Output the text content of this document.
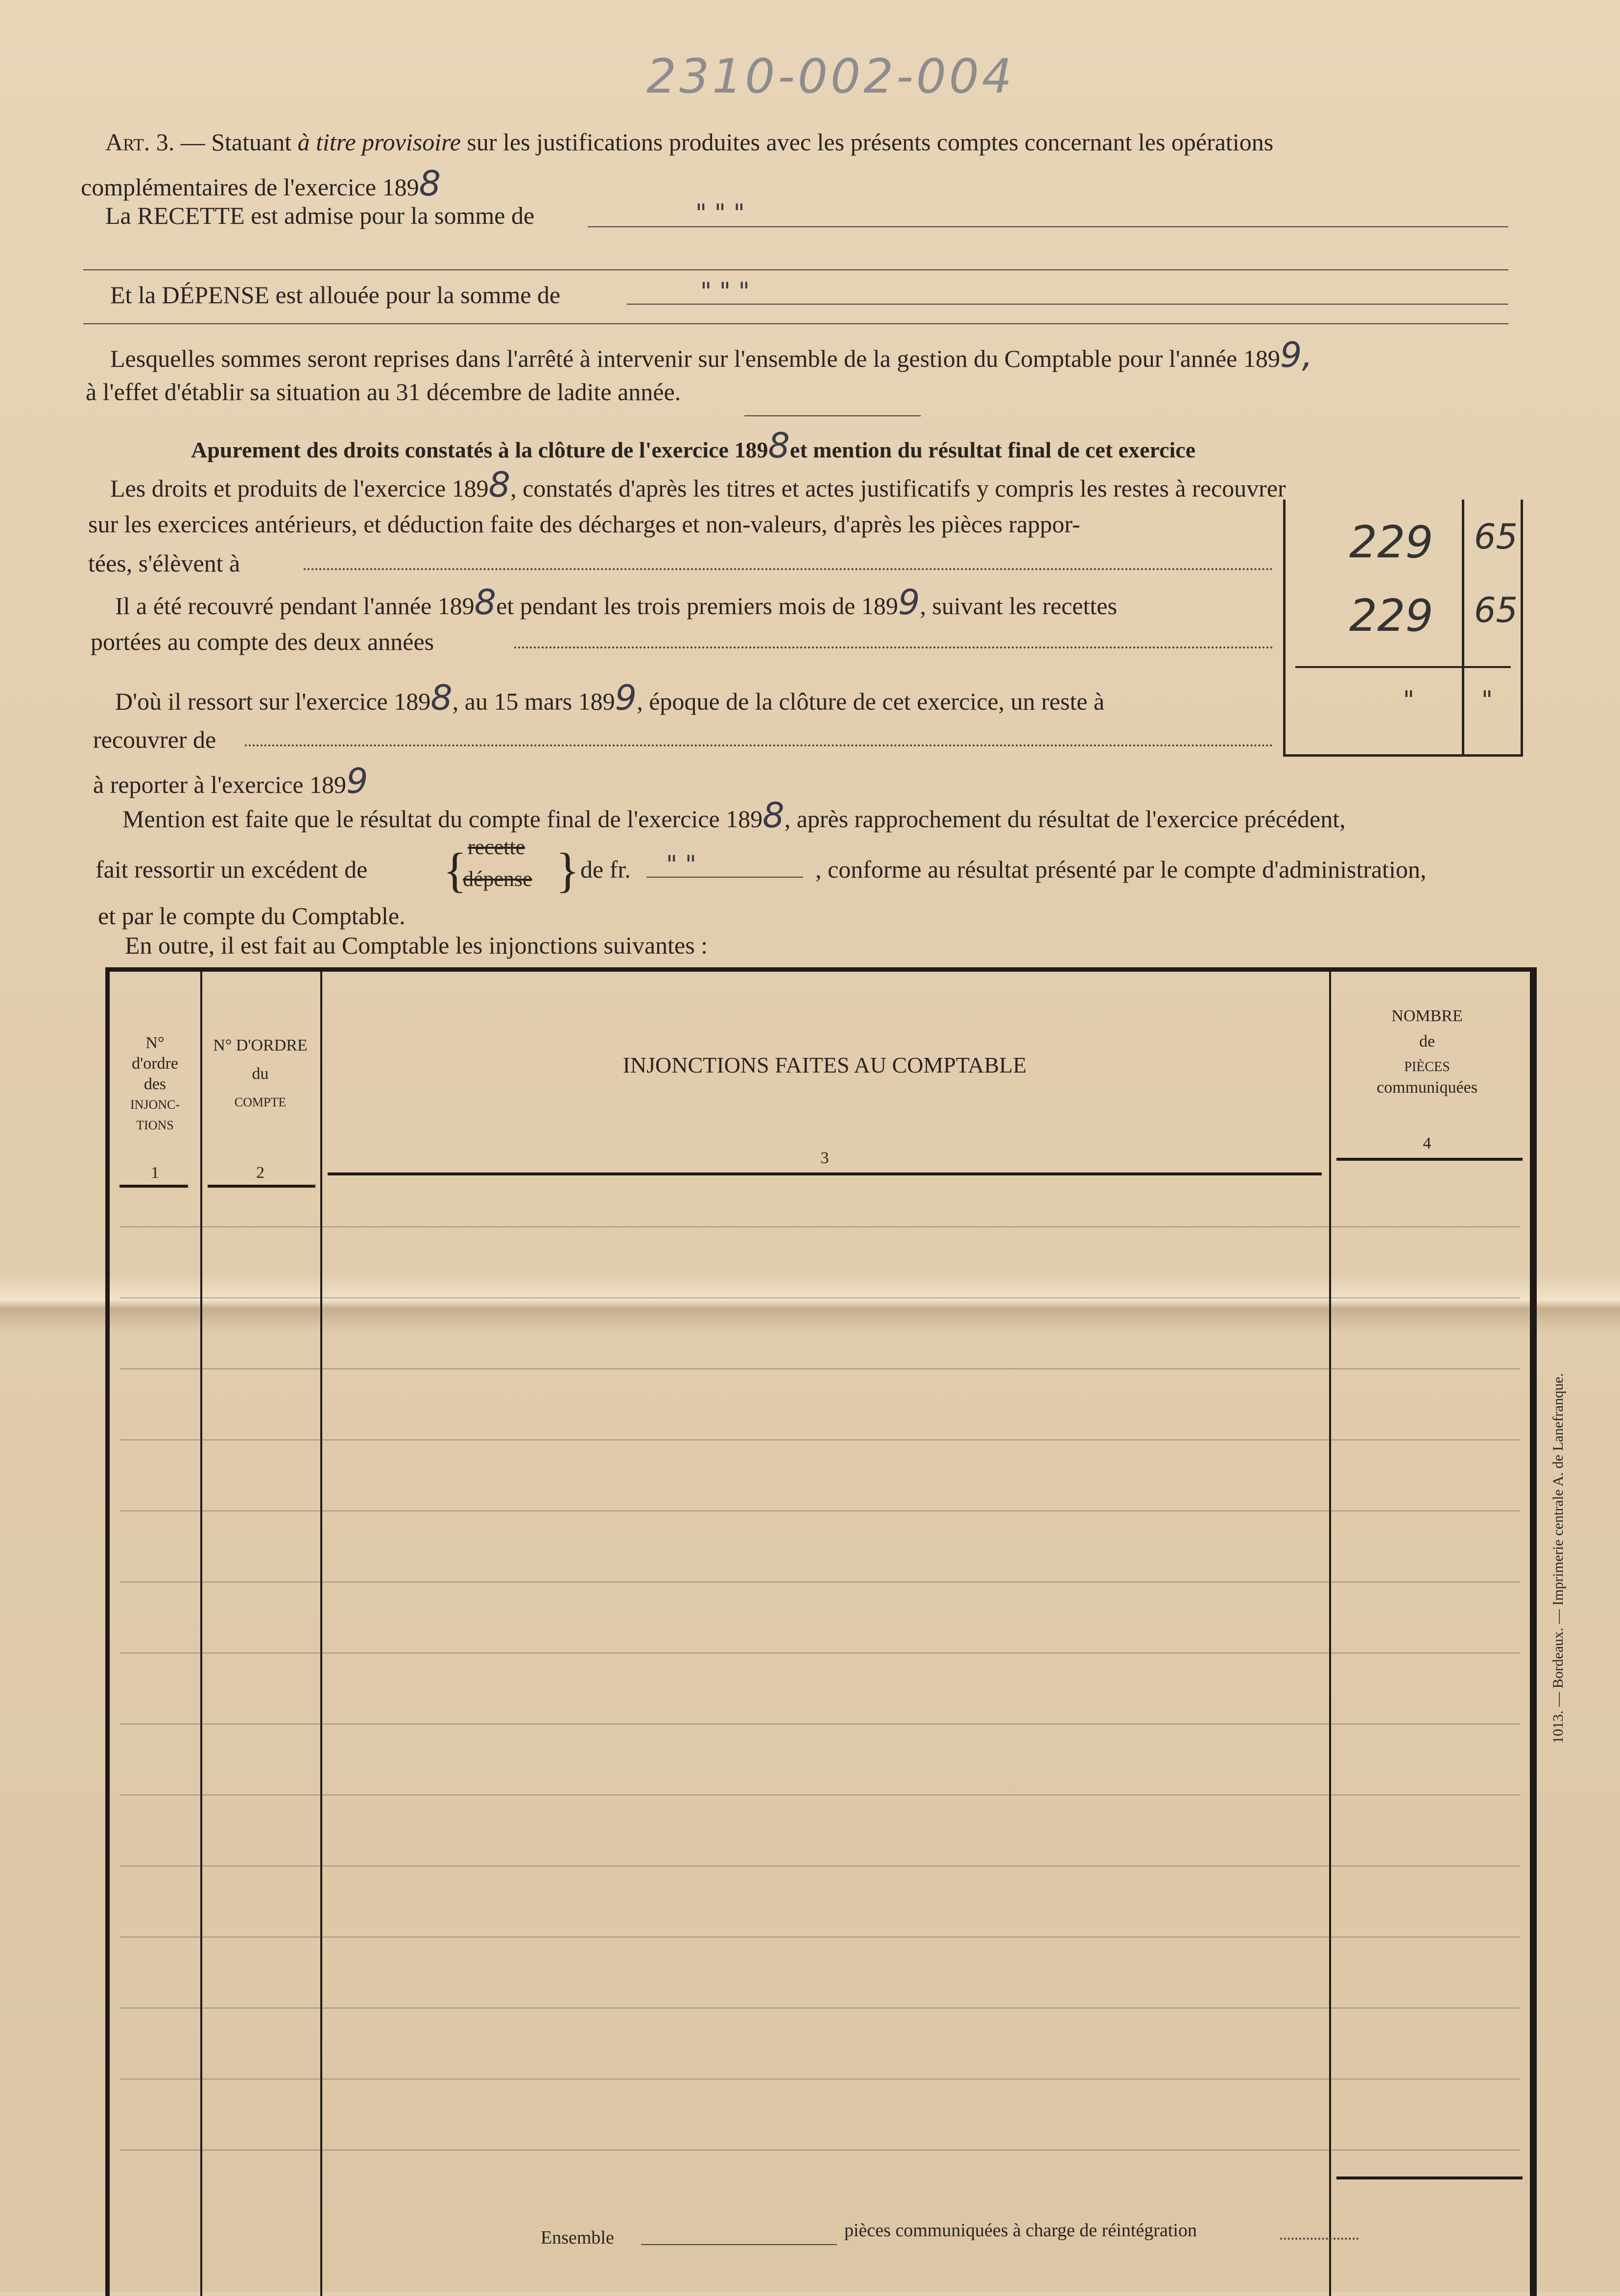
2310-002-004
Art. 3. — Statuant à titre provisoire sur les justifications produites avec les présents comptes concernant les opérations
complémentaires de l'exercice 1898
La RECETTE est admise pour la somme de	" " "
Et la DÉPENSE est allouée pour la somme de	" " "
Lesquelles sommes seront reprises dans l'arrêté à intervenir sur l'ensemble de la gestion du Comptable pour l'année 1899,
à l'effet d'établir sa situation au 31 décembre de ladite année.
Apurement des droits constatés à la clôture de l'exercice 1898et mention du résultat final de cet exercice
Les droits et produits de l'exercice 1898, constatés d'après les titres et actes justificatifs y compris les restes à recouvrer
sur les exercices antérieurs, et déduction faite des décharges et non-valeurs, d'après les pièces rappor-
tées, s'élèvent à
Il a été recouvré pendant l'année 1898et pendant les trois premiers mois de 1899, suivant les recettes
portées au compte des deux années
D'où il ressort sur l'exercice 1898, au 15 mars 1899, époque de la clôture de cet exercice, un reste à
recouvrer de
à reporter à l'exercice 1899
Mention est faite que le résultat du compte final de l'exercice 1898, après rapprochement du résultat de l'exercice précédent,
fait ressortir un excédent de { recette
dépense } de fr. " "	, conforme au résultat présenté par le compte d'administration,
et par le compte du Comptable.
En outre, il est fait au Comptable les injonctions suivantes :
229 65
229 65
"	"
N°
d'ordre
des
INJONC-
TIONS
1
N° D'ORDRE
du
COMPTE
2
INJONCTIONS FAITES AU COMPTABLE
3
NOMBRE
de
PIÈCES
communiquées
4
Ensemble	pièces communiquées à charge de réintégration
1013. — Bordeaux. — Imprimerie centrale A. de Lanefranque.
